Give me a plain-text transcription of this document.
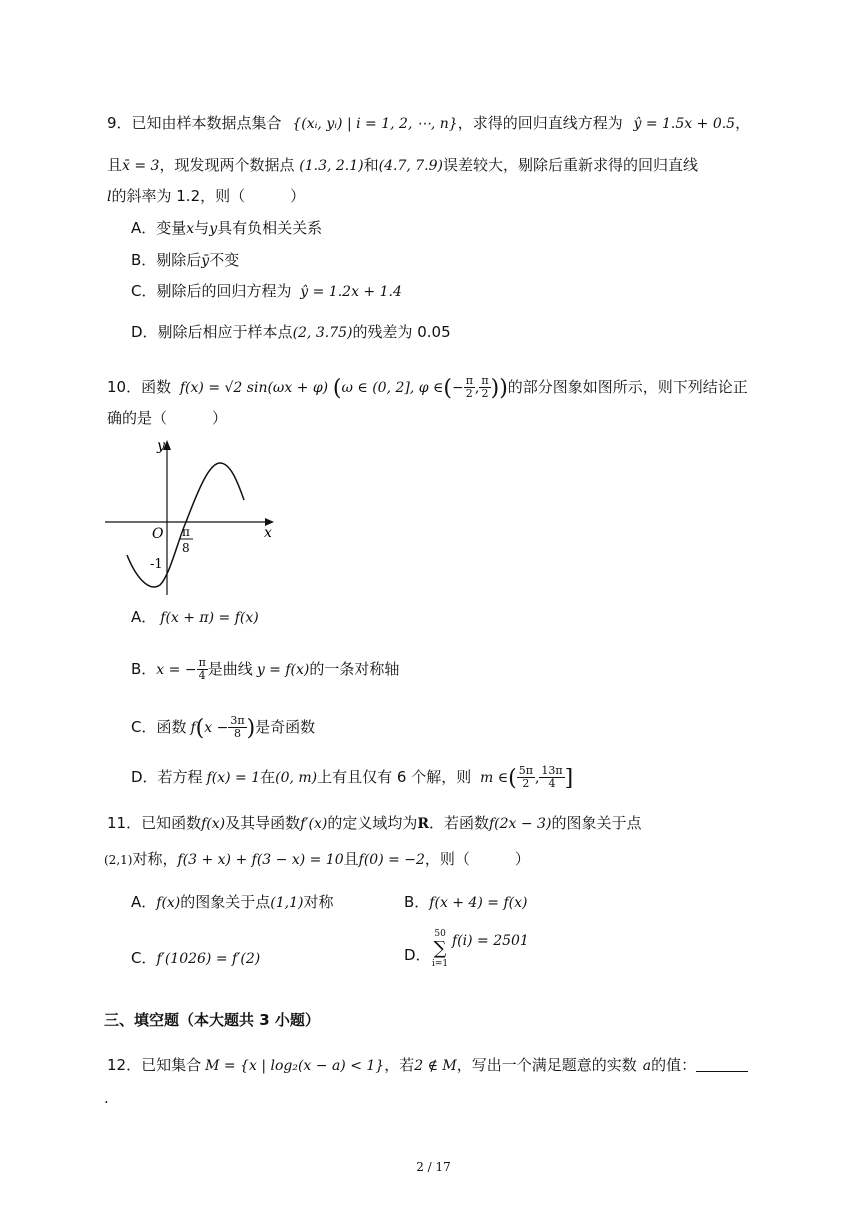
9．已知由样本数据点集合 {(xᵢ, yᵢ) | i = 1, 2, ⋯, n}，求得的回归直线方程为 ŷ = 1.5x + 0.5，
且x̄ = 3，现发现两个数据点 (1.3, 2.1)和(4.7, 7.9)误差较大，剔除后重新求得的回归直线
l的斜率为 1.2，则（　　　）
A．变量x与y具有负相关关系
B．剔除后ȳ不变
C．剔除后的回归方程为 ŷ = 1.2x + 1.4
D．剔除后相应于样本点(2, 3.75)的残差为 0.05
10．函数 f(x) = √2 sin(ωx + φ) (ω ∈ (0, 2], φ ∈(− $\frac{\pi}{2}$ , $\frac{\pi}{2}$ ))的部分图象如图所示，则下列结论正
确的是（　　　）
y
x
O
-1
π
8
A． f(x + π) = f(x)
B．x = − $\frac{\pi}{4}$ 是曲线 y = f(x)的一条对称轴
C．函数 $f(x - \frac{3\pi}{8}$ )是奇函数
D．若方程 f(x) = 1在(0, m)上有且仅有 6 个解，则 m ∈( $\frac{5\pi}{2}$ , $\frac{13\pi}{4}$ ]
11．已知函数f(x)及其导函数f′(x)的定义域均为R．若函数f(2x − 3)的图象关于点
(2,1)对称，f(3 + x) + f(3 − x) = 10且f(0) = −2，则（　　　）
A．f(x)的图象关于点(1,1)对称	B．f(x + 4) = f(x)
C．f′(1026) = f′(2)	D．
50
∑
i=1
f(i) = 2501
三、填空题（本大题共 3 小题）
12．已知集合 M = {x | log₂(x − a) < 1}，若2 ∉ M，写出一个满足题意的实数 a的值：
.
2 / 17
